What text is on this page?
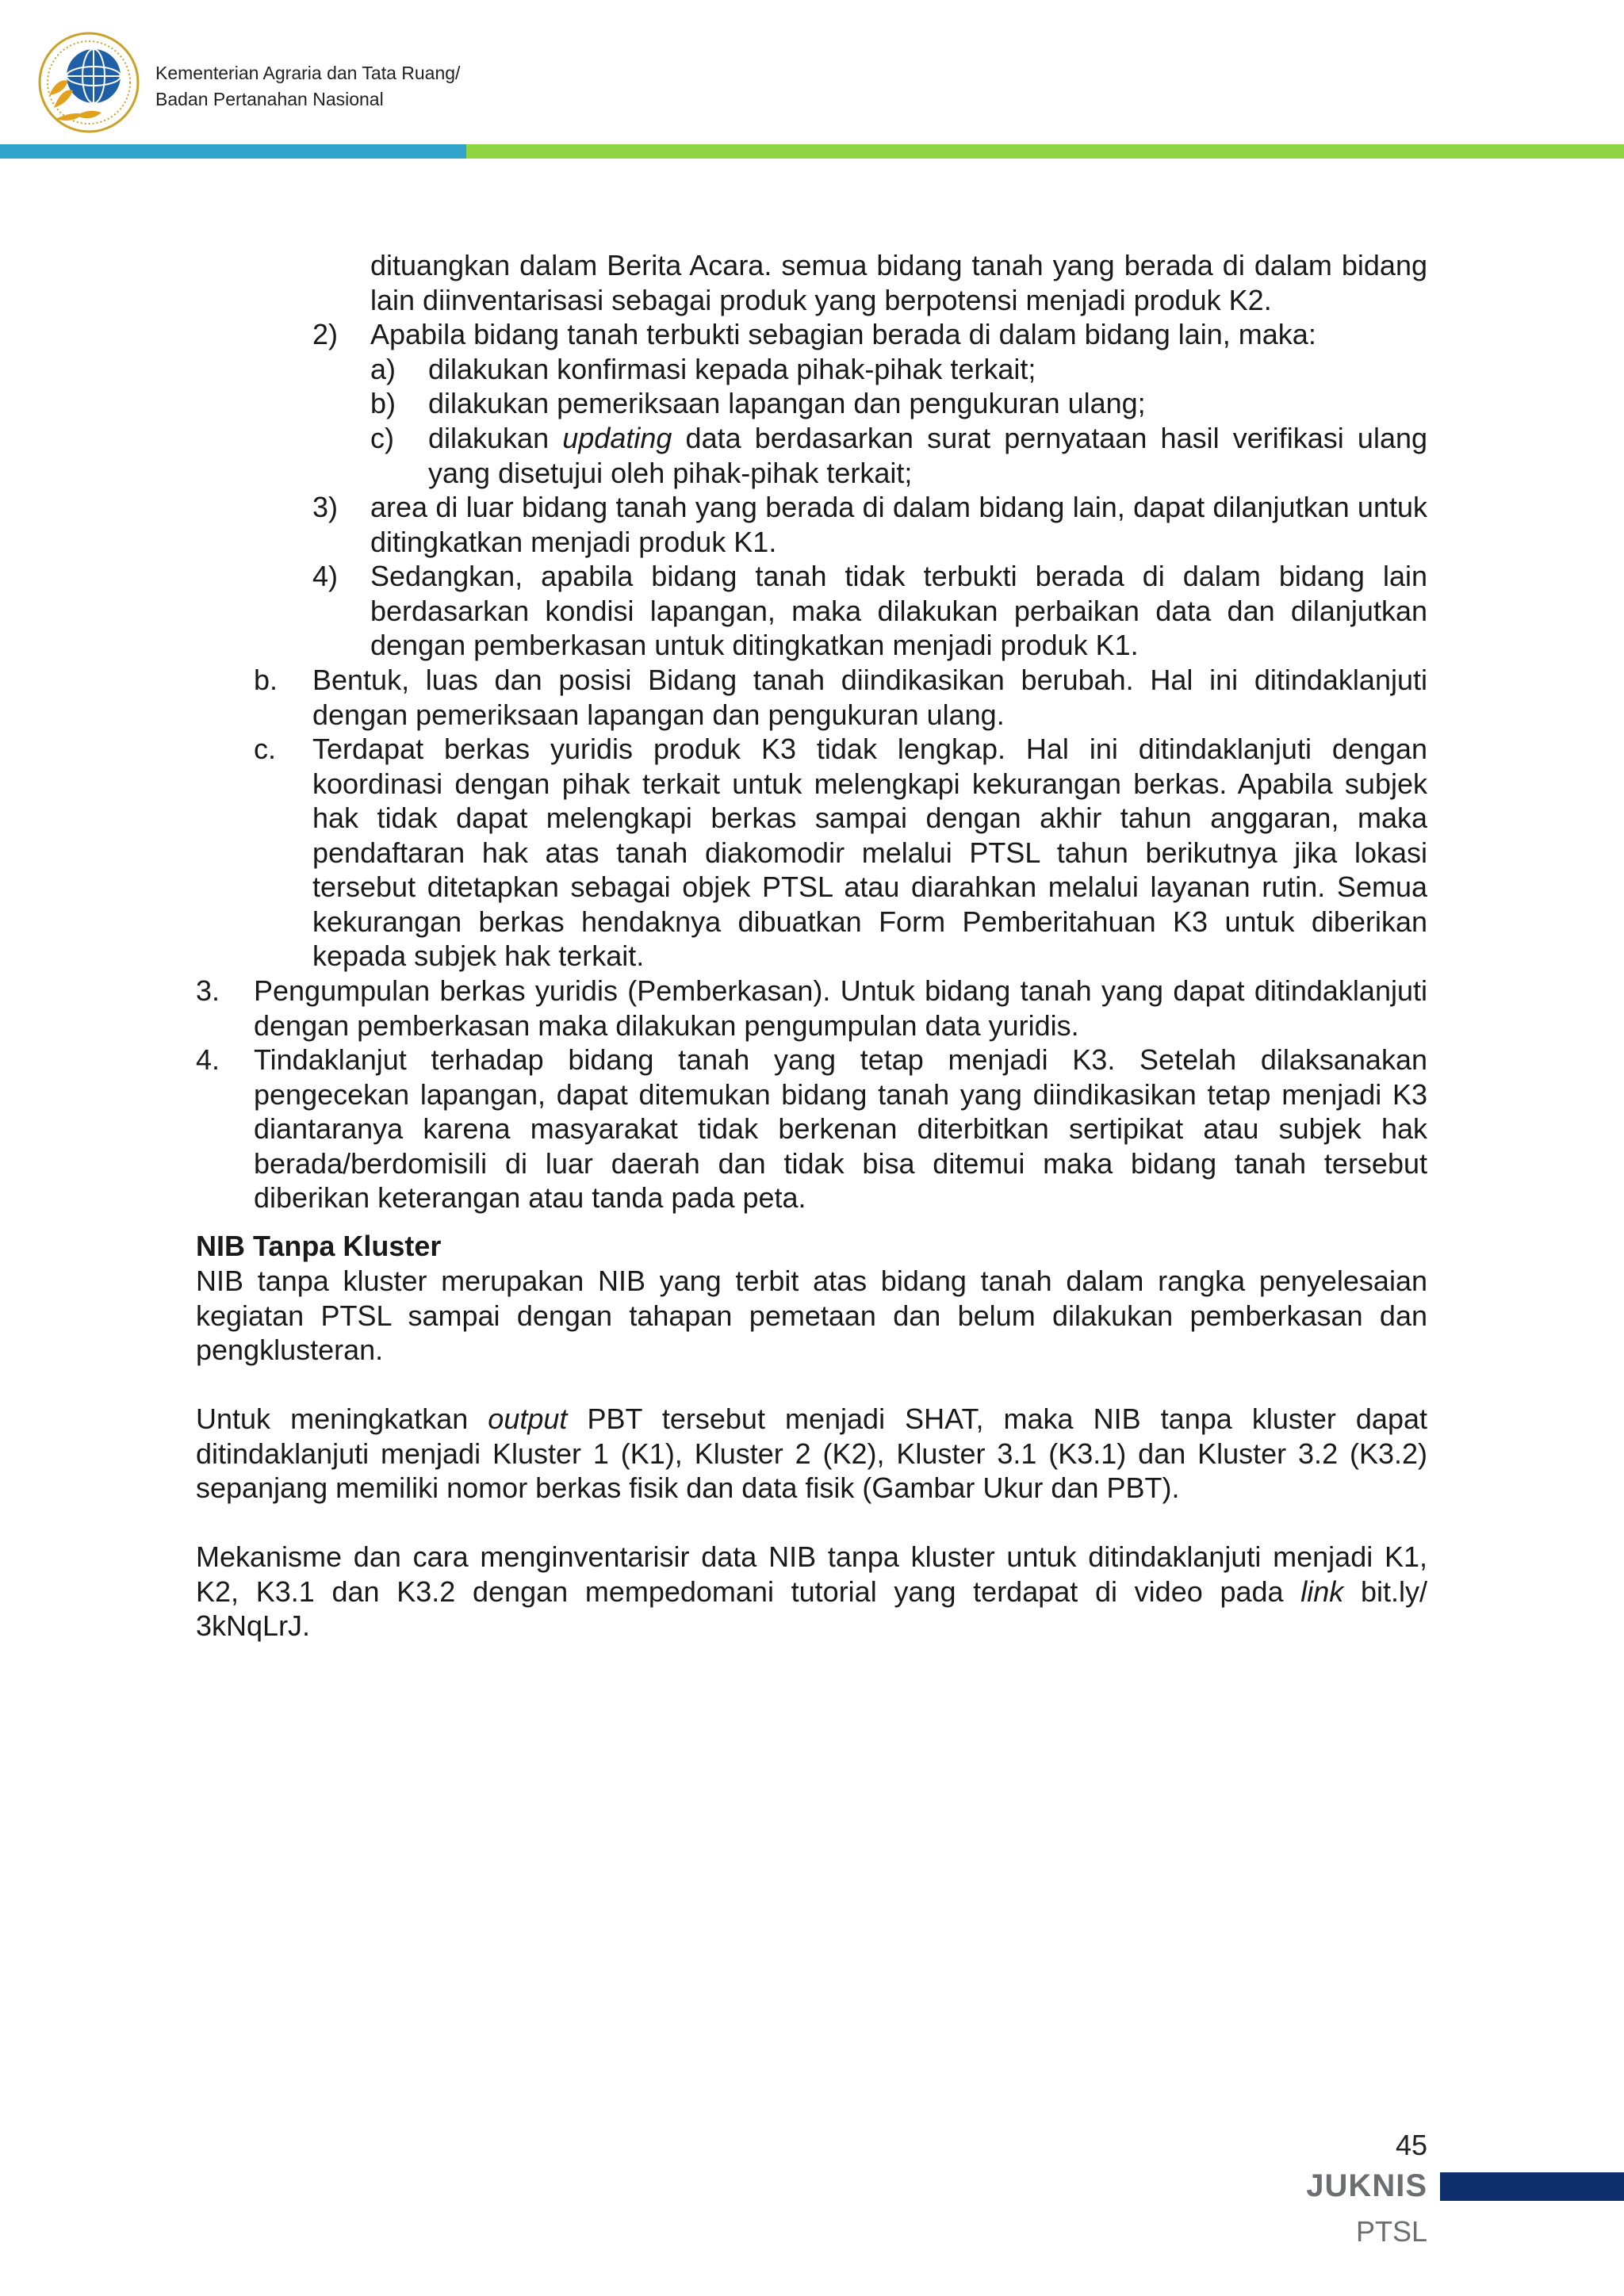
Kementerian Agraria dan Tata Ruang/
Badan Pertanahan Nasional
dituangkan dalam Berita Acara. semua bidang tanah yang berada di dalam bidang lain diinventarisasi sebagai produk yang berpotensi menjadi produk K2.
2) Apabila bidang tanah terbukti sebagian berada di dalam bidang lain, maka:
a) dilakukan konfirmasi kepada pihak-pihak terkait;
b) dilakukan pemeriksaan lapangan dan pengukuran ulang;
c) dilakukan updating data berdasarkan surat pernyataan hasil verifikasi ulang yang disetujui oleh pihak-pihak terkait;
3) area di luar bidang tanah yang berada di dalam bidang lain, dapat dilanjutkan untuk ditingkatkan menjadi produk K1.
4) Sedangkan, apabila bidang tanah tidak terbukti berada di dalam bidang lain berdasarkan kondisi lapangan, maka dilakukan perbaikan data dan dilanjutkan dengan pemberkasan untuk ditingkatkan menjadi produk K1.
b. Bentuk, luas dan posisi Bidang tanah diindikasikan berubah. Hal ini ditindaklanjuti dengan pemeriksaan lapangan dan pengukuran ulang.
c. Terdapat berkas yuridis produk K3 tidak lengkap. Hal ini ditindaklanjuti dengan koordinasi dengan pihak terkait untuk melengkapi kekurangan berkas. Apabila subjek hak tidak dapat melengkapi berkas sampai dengan akhir tahun anggaran, maka pendaftaran hak atas tanah diakomodir melalui PTSL tahun berikutnya jika lokasi tersebut ditetapkan sebagai objek PTSL atau diarahkan melalui layanan rutin. Semua kekurangan berkas hendaknya dibuatkan Form Pemberitahuan K3 untuk diberikan kepada subjek hak terkait.
3. Pengumpulan berkas yuridis (Pemberkasan). Untuk bidang tanah yang dapat ditindaklanjuti dengan pemberkasan maka dilakukan pengumpulan data yuridis.
4. Tindaklanjut terhadap bidang tanah yang tetap menjadi K3. Setelah dilaksanakan pengecekan lapangan, dapat ditemukan bidang tanah yang diindikasikan tetap menjadi K3 diantaranya karena masyarakat tidak berkenan diterbitkan sertipikat atau subjek hak berada/berdomisili di luar daerah dan tidak bisa ditemui maka bidang tanah tersebut diberikan keterangan atau tanda pada peta.
NIB Tanpa Kluster
NIB tanpa kluster merupakan NIB yang terbit atas bidang tanah dalam rangka penyelesaian kegiatan PTSL sampai dengan tahapan pemetaan dan belum dilakukan pemberkasan dan pengklusteran.
Untuk meningkatkan output PBT tersebut menjadi SHAT, maka NIB tanpa kluster dapat ditindaklanjuti menjadi Kluster 1 (K1), Kluster 2 (K2), Kluster 3.1 (K3.1) dan Kluster 3.2 (K3.2) sepanjang memiliki nomor berkas fisik dan data fisik (Gambar Ukur dan PBT).
Mekanisme dan cara menginventarisir data NIB tanpa kluster untuk ditindaklanjuti menjadi K1, K2, K3.1 dan K3.2 dengan mempedomani tutorial yang terdapat di video pada link bit.ly/ 3kNqLrJ.
45
JUKNIS
PTSL
